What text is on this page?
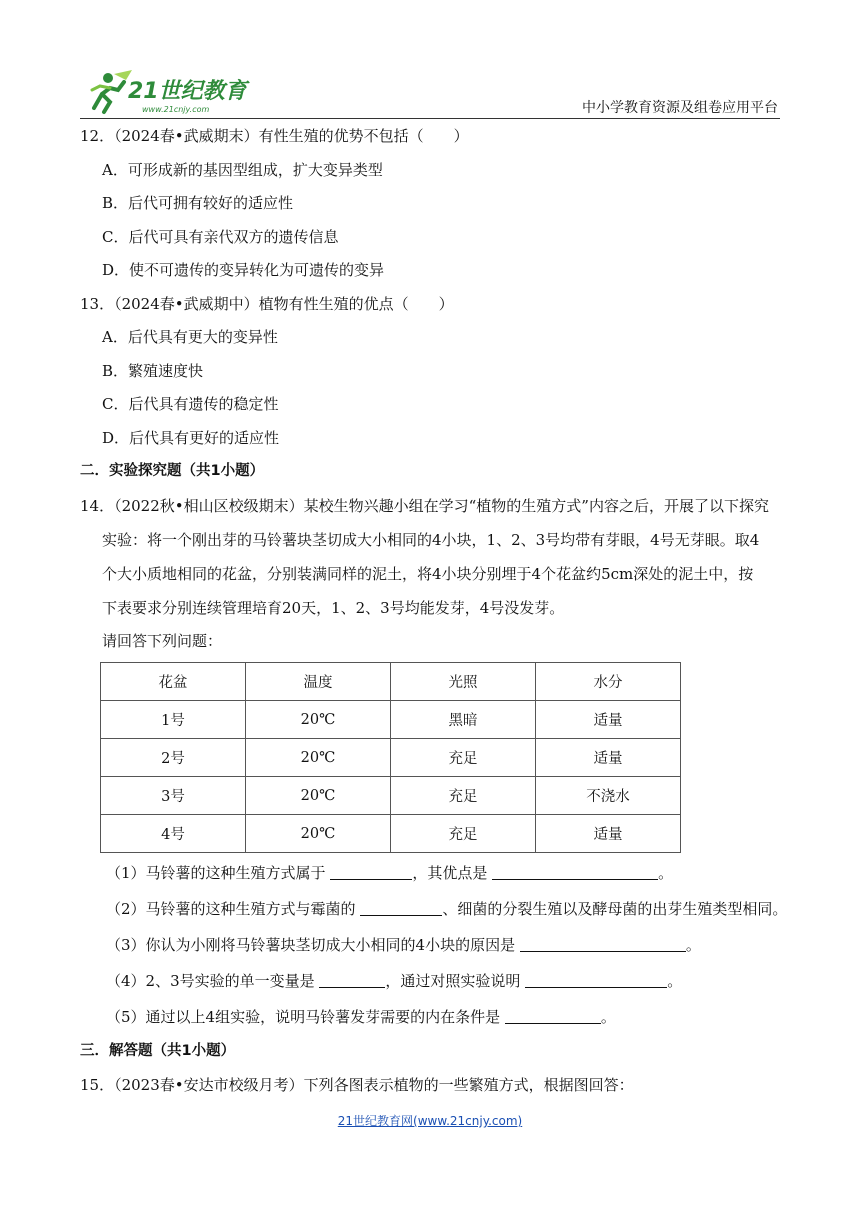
21世纪教育
www.21cnjy.com	中小学教育资源及组卷应用平台

12．（2024春•武威期末）有性生殖的优势不包括（　　）

A．可形成新的基因型组成，扩大变异类型

B．后代可拥有较好的适应性

C．后代可具有亲代双方的遗传信息

D．使不可遗传的变异转化为可遗传的变异

13．（2024春•武威期中）植物有性生殖的优点（　　）

A．后代具有更大的变异性

B．繁殖速度快

C．后代具有遗传的稳定性

D．后代具有更好的适应性

二．实验探究题（共1小题）

14．（2022秋•相山区校级期末）某校生物兴趣小组在学习“植物的生殖方式”内容之后，开展了以下探究
实验：将一个刚出芽的马铃薯块茎切成大小相同的4小块，1、2、3号均带有芽眼，4号无芽眼。取4
个大小质地相同的花盆，分别装满同样的泥土，将4小块分别埋于4个花盆约5cm深处的泥土中，按
下表要求分别连续管理培育20天，1、2、3号均能发芽，4号没发芽。

请回答下列问题：

花盆	温度	光照	水分
1号	20℃	黑暗	适量
2号	20℃	充足	适量
3号	20℃	充足	不浇水
4号	20℃	充足	适量

（1）马铃薯的这种生殖方式属于	，其优点是	。

（2）马铃薯的这种生殖方式与霉菌的	、细菌的分裂生殖以及酵母菌的出芽生殖类型相同。

（3）你认为小刚将马铃薯块茎切成大小相同的4小块的原因是	。

（4）2、3号实验的单一变量是	，通过对照实验说明	。

（5）通过以上4组实验，说明马铃薯发芽需要的内在条件是	。

三．解答题（共1小题）

15．（2023春•安达市校级月考）下列各图表示植物的一些繁殖方式，根据图回答：

21世纪教育网(www.21cnjy.com)
